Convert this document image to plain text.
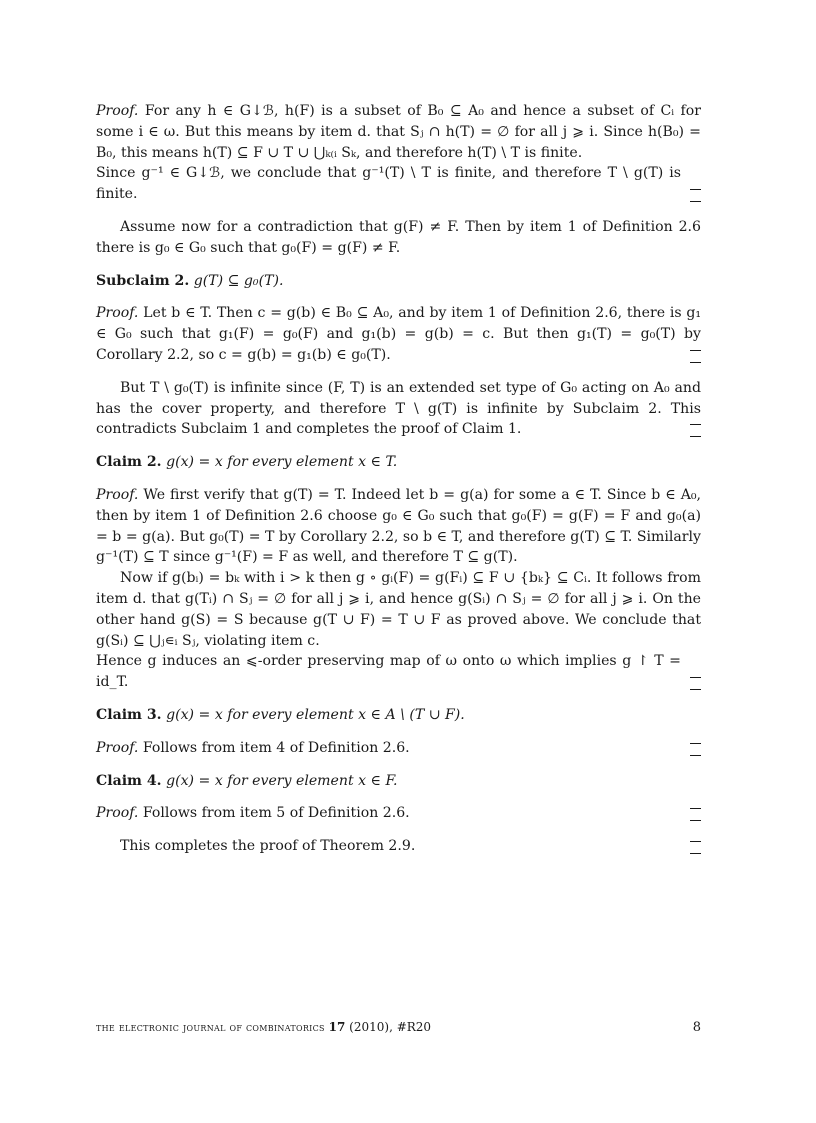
Proof. For any h ∈ G↓ℬ, h(F) is a subset of B₀ ⊆ A₀ and hence a subset of Cᵢ for some i ∈ ω. But this means by item d. that Sⱼ ∩ h(T) = ∅ for all j ⩾ i. Since h(B₀) = B₀, this means h(T) ⊆ F ∪ T ∪ ⋃ₖ₍ᵢ Sₖ, and therefore h(T) \ T is finite.

Since g⁻¹ ∈ G↓ℬ, we conclude that g⁻¹(T) \ T is finite, and therefore T \ g(T) is finite.

Assume now for a contradiction that g(F) ≠ F. Then by item 1 of Definition 2.6 there is g₀ ∈ G₀ such that g₀(F) = g(F) ≠ F.

Subclaim 2. g(T) ⊆ g₀(T).

Proof. Let b ∈ T. Then c = g(b) ∈ B₀ ⊆ A₀, and by item 1 of Definition 2.6, there is g₁ ∈ G₀ such that g₁(F) = g₀(F) and g₁(b) = g(b) = c. But then g₁(T) = g₀(T) by Corollary 2.2, so c = g(b) = g₁(b) ∈ g₀(T).

But T \ g₀(T) is infinite since (F, T) is an extended set type of G₀ acting on A₀ and has the cover property, and therefore T \ g(T) is infinite by Subclaim 2. This contradicts Subclaim 1 and completes the proof of Claim 1.

Claim 2. g(x) = x for every element x ∈ T.

Proof. We first verify that g(T) = T. Indeed let b = g(a) for some a ∈ T. Since b ∈ A₀, then by item 1 of Definition 2.6 choose g₀ ∈ G₀ such that g₀(F) = g(F) = F and g₀(a) = b = g(a). But g₀(T) = T by Corollary 2.2, so b ∈ T, and therefore g(T) ⊆ T. Similarly g⁻¹(T) ⊆ T since g⁻¹(F) = F as well, and therefore T ⊆ g(T).

Now if g(bᵢ) = bₖ with i > k then g ∘ gᵢ(F) = g(Fᵢ) ⊆ F ∪ {bₖ} ⊆ Cᵢ. It follows from item d. that g(Tᵢ) ∩ Sⱼ = ∅ for all j ⩾ i, and hence g(Sᵢ) ∩ Sⱼ = ∅ for all j ⩾ i. On the other hand g(S) = S because g(T ∪ F) = T ∪ F as proved above. We conclude that g(Sᵢ) ⊆ ⋃ⱼ∊ᵢ Sⱼ, violating item c.

Hence g induces an ⩽-order preserving map of ω onto ω which implies g ↾ T = id_T.

Claim 3. g(x) = x for every element x ∈ A \ (T ∪ F).

Proof. Follows from item 4 of Definition 2.6.

Claim 4. g(x) = x for every element x ∈ F.

Proof. Follows from item 5 of Definition 2.6.

This completes the proof of Theorem 2.9.

the electronic journal of combinatorics 17 (2010), #R20	8
